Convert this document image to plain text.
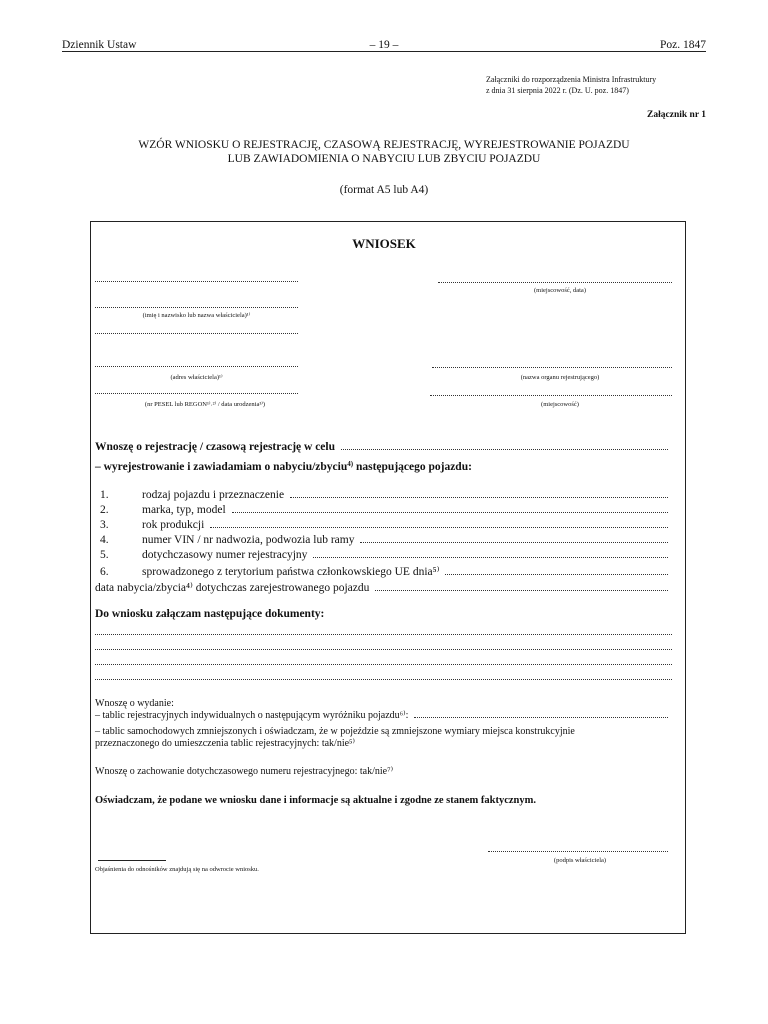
Dziennik Ustaw	– 19 –	Poz. 1847
Załączniki do rozporządzenia Ministra Infrastruktury
z dnia 31 sierpnia 2022 r. (Dz. U. poz. 1847)
Załącznik nr 1
WZÓR WNIOSKU O REJESTRACJĘ, CZASOWĄ REJESTRACJĘ, WYREJESTROWANIE POJAZDU
LUB ZAWIADOMIENIA O NABYCIU LUB ZBYCIU POJAZDU
(format A5 lub A4)
WNIOSEK
(imię i nazwisko lub nazwa właściciela)¹⁾
(adres właściciela)¹⁾
(nr PESEL lub REGON¹⁾˒²⁾ / data urodzenia³⁾)
(miejscowość, data)
(nazwa organu rejestrującego)
(miejscowość)
Wnoszę o rejestrację / czasową rejestrację w celu
– wyrejestrowanie i zawiadamiam o nabyciu/zbyciu$^{4)}$ następującego pojazdu:
1.	rodzaj pojazdu i przeznaczenie
2.	marka, typ, model
3.	rok produkcji
4.	numer VIN / nr nadwozia, podwozia lub ramy
5.	dotychczasowy numer rejestracyjny
6.	sprowadzonego z terytorium państwa członkowskiego UE dnia⁵⁾
data nabycia/zbycia⁴⁾ dotychczas zarejestrowanego pojazdu
Do wniosku załączam następujące dokumenty:
Wnoszę o wydanie:
– tablic rejestracyjnych indywidualnych o następującym wyróżniku pojazdu⁶⁾:
– tablic samochodowych zmniejszonych i oświadczam, że w pojeździe są zmniejszone wymiary miejsca konstrukcyjnie
przeznaczonego do umieszczenia tablic rejestracyjnych: tak/nie⁵⁾
Wnoszę o zachowanie dotychczasowego numeru rejestracyjnego: tak/nie⁷⁾
Oświadczam, że podane we wniosku dane i informacje są aktualne i zgodne ze stanem faktycznym.
(podpis właściciela)
Objaśnienia do odnośników znajdują się na odwrocie wniosku.
